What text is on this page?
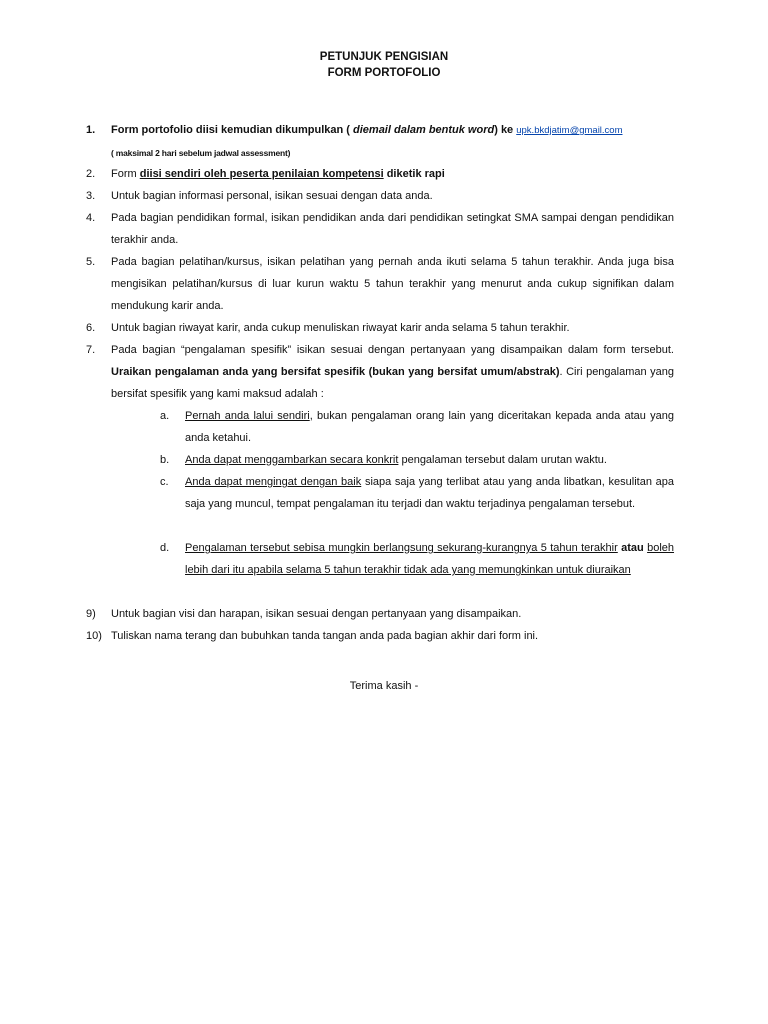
PETUNJUK PENGISIAN
FORM PORTOFOLIO
1.	Form portofolio diisi kemudian dikumpulkan ( diemail dalam bentuk word) ke upk.bkdjatim@gmail.com
( maksimal 2 hari sebelum jadwal assessment)
2.	Form diisi sendiri oleh peserta penilaian kompetensi diketik rapi
3.	Untuk bagian informasi personal, isikan sesuai dengan data anda.
4.	Pada bagian pendidikan formal, isikan pendidikan anda dari pendidikan setingkat SMA sampai dengan pendidikan terakhir anda.
5.	Pada bagian pelatihan/kursus, isikan pelatihan yang pernah anda ikuti selama 5 tahun terakhir. Anda juga bisa mengisikan pelatihan/kursus di luar kurun waktu 5 tahun terakhir yang menurut anda cukup signifikan dalam mendukung karir anda.
6.	Untuk bagian riwayat karir, anda cukup menuliskan riwayat karir anda selama 5 tahun terakhir.
7.	Pada bagian “pengalaman spesifik” isikan sesuai dengan pertanyaan yang disampaikan dalam form tersebut. Uraikan pengalaman anda yang bersifat spesifik (bukan yang bersifat umum/abstrak). Ciri pengalaman yang bersifat spesifik yang kami maksud adalah :
a.	Pernah anda lalui sendiri, bukan pengalaman orang lain yang diceritakan kepada anda atau yang anda ketahui.
b.	Anda dapat menggambarkan secara konkrit pengalaman tersebut dalam urutan waktu.
c.	Anda dapat mengingat dengan baik siapa saja yang terlibat atau yang anda libatkan, kesulitan apa saja yang muncul, tempat pengalaman itu terjadi dan waktu terjadinya pengalaman tersebut.
d.	Pengalaman tersebut sebisa mungkin berlangsung sekurang-kurangnya 5 tahun terakhir atau boleh lebih dari itu apabila selama 5 tahun terakhir tidak ada yang memungkinkan untuk diuraikan
9)	Untuk bagian visi dan harapan, isikan sesuai dengan pertanyaan yang disampaikan.
10) Tuliskan nama terang dan bubuhkan tanda tangan anda pada bagian akhir dari form ini.
Terima kasih -
